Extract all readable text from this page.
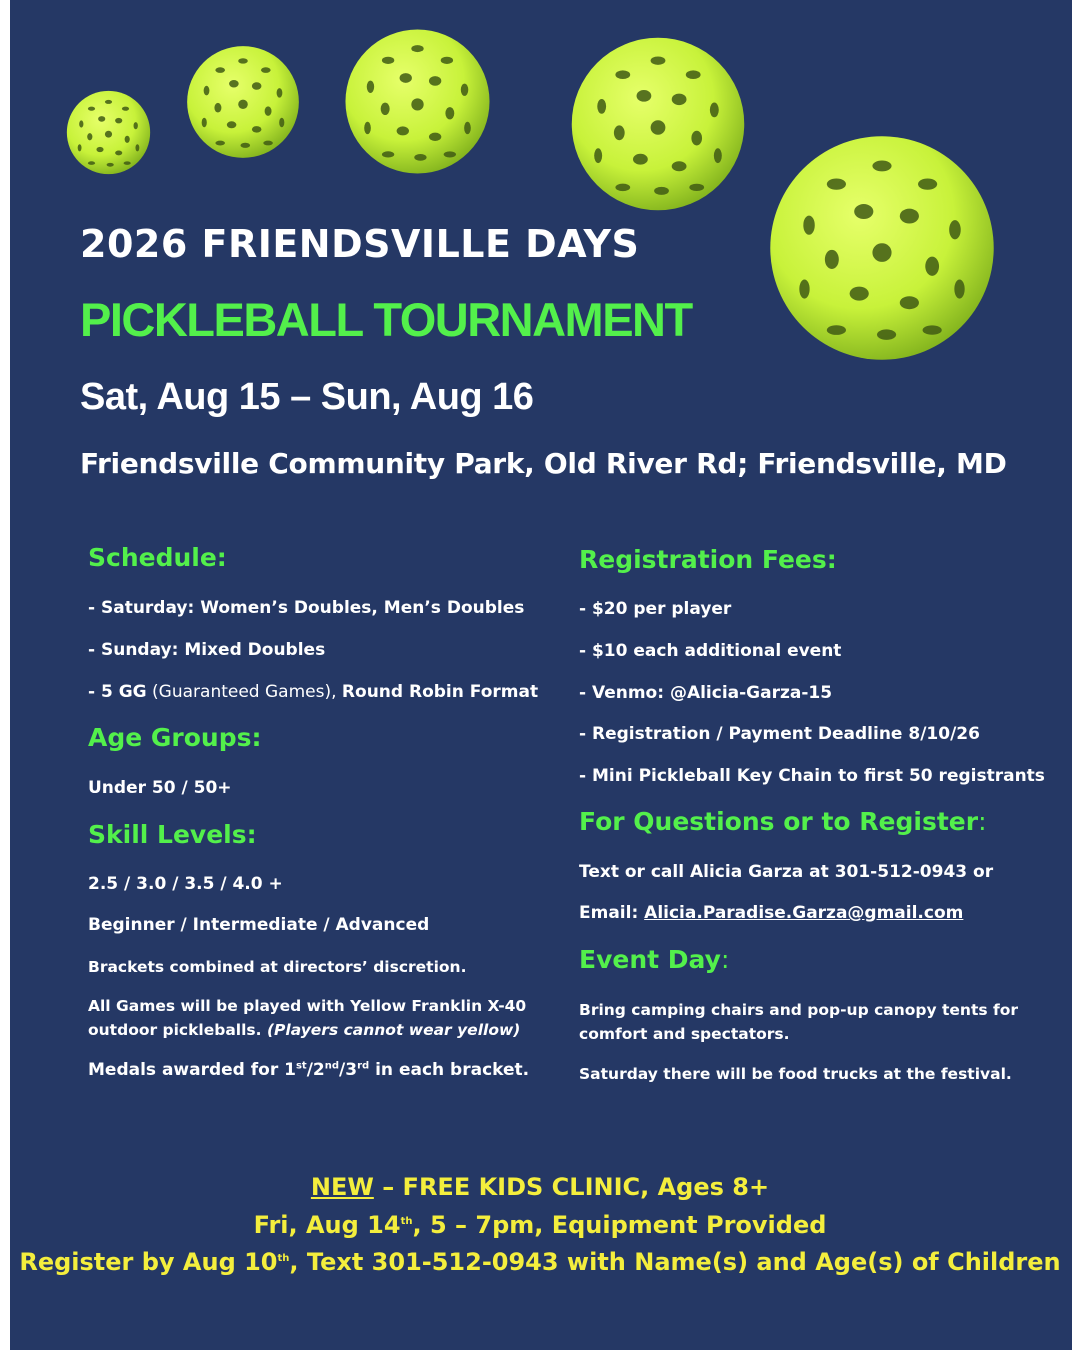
2026 FRIENDSVILLE DAYS
PICKLEBALL TOURNAMENT
Sat, Aug 15 – Sun, Aug 16
Friendsville Community Park, Old River Rd; Friendsville, MD
Schedule:
- Saturday: Women’s Doubles, Men’s Doubles
- Sunday: Mixed Doubles
- 5 GG (Guaranteed Games), Round Robin Format
Age Groups:
Under 50 / 50+
Skill Levels:
2.5 / 3.0 / 3.5 / 4.0 +
Beginner / Intermediate / Advanced
Brackets combined at directors’ discretion.
All Games will be played with Yellow Franklin X-40
outdoor pickleballs. (Players cannot wear yellow)
Medals awarded for 1st/2nd/3rd in each bracket.
Registration Fees:
- $20 per player
- $10 each additional event
- Venmo: @Alicia-Garza-15
- Registration / Payment Deadline 8/10/26
- Mini Pickleball Key Chain to first 50 registrants
For Questions or to Register:
Text or call Alicia Garza at 301-512-0943 or
Email: Alicia.Paradise.Garza@gmail.com
Event Day:
Bring camping chairs and pop-up canopy tents for
comfort and spectators.
Saturday there will be food trucks at the festival.
NEW – FREE KIDS CLINIC, Ages 8+
Fri, Aug 14th, 5 – 7pm, Equipment Provided
Register by Aug 10th, Text 301-512-0943 with Name(s) and Age(s) of Children
